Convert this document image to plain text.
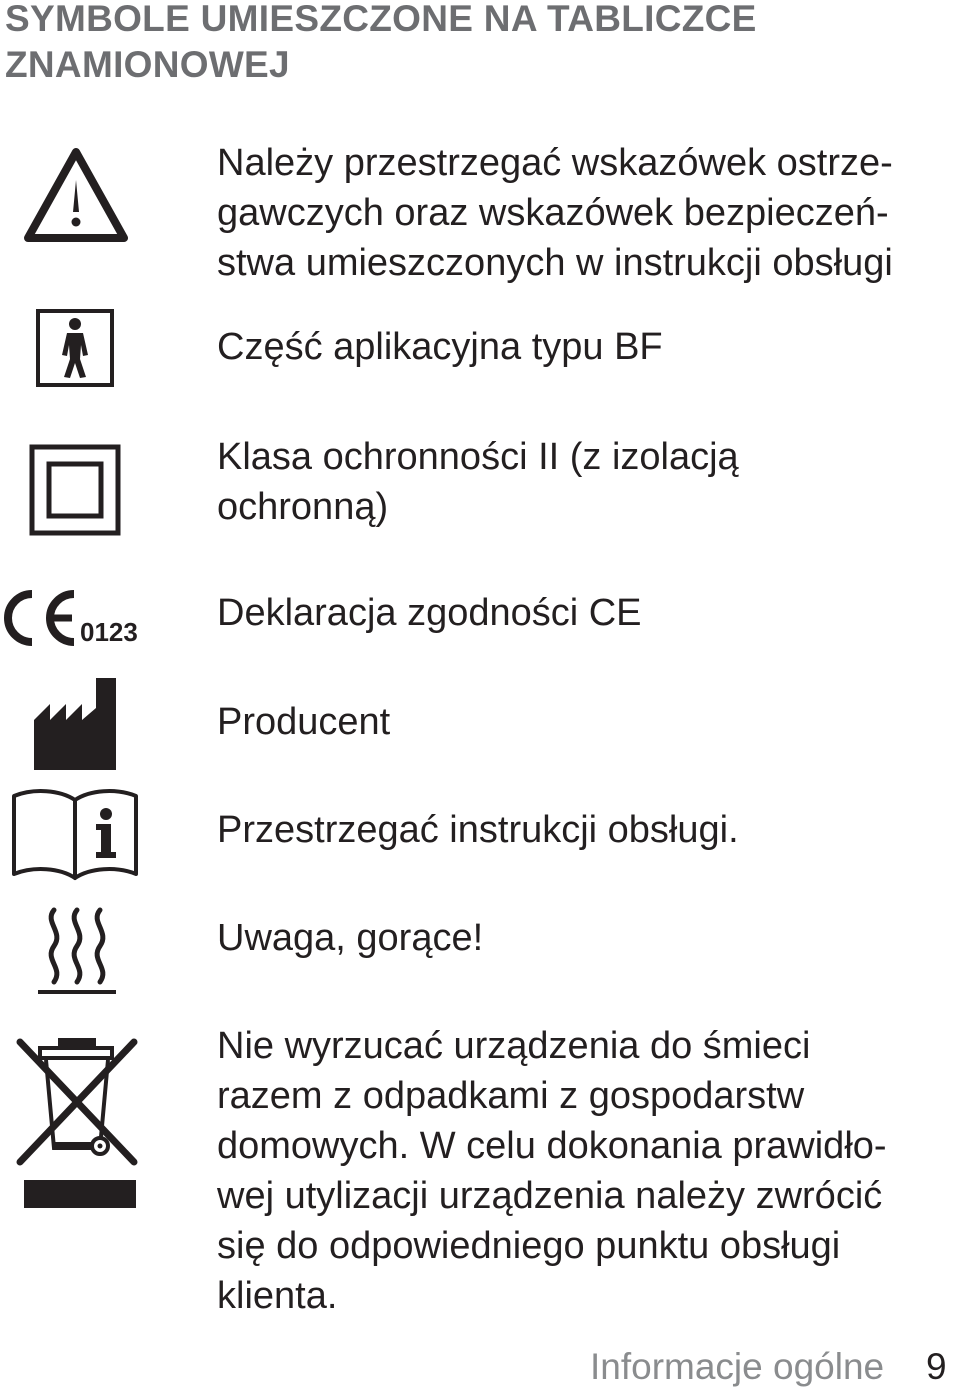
SYMBOLE UMIESZCZONE NA TABLICZCE
ZNAMIONOWEJ

Należy przestrzegać wskazówek ostrze-
gawczych oraz wskazówek bezpieczeń-
stwa umieszczonych w instrukcji obsługi

Część aplikacyjna typu BF

Klasa ochronności II (z izolacją
ochronną)

0123 Deklaracja zgodności CE

Producent

Przestrzegać instrukcji obsługi.

Uwaga, gorące!

Nie wyrzucać urządzenia do śmieci
razem z odpadkami z gospodarstw
domowych. W celu dokonania prawidło-
wej utylizacji urządzenia należy zwrócić
się do odpowiedniego punktu obsługi
klienta.

Informacje ogólne 9
